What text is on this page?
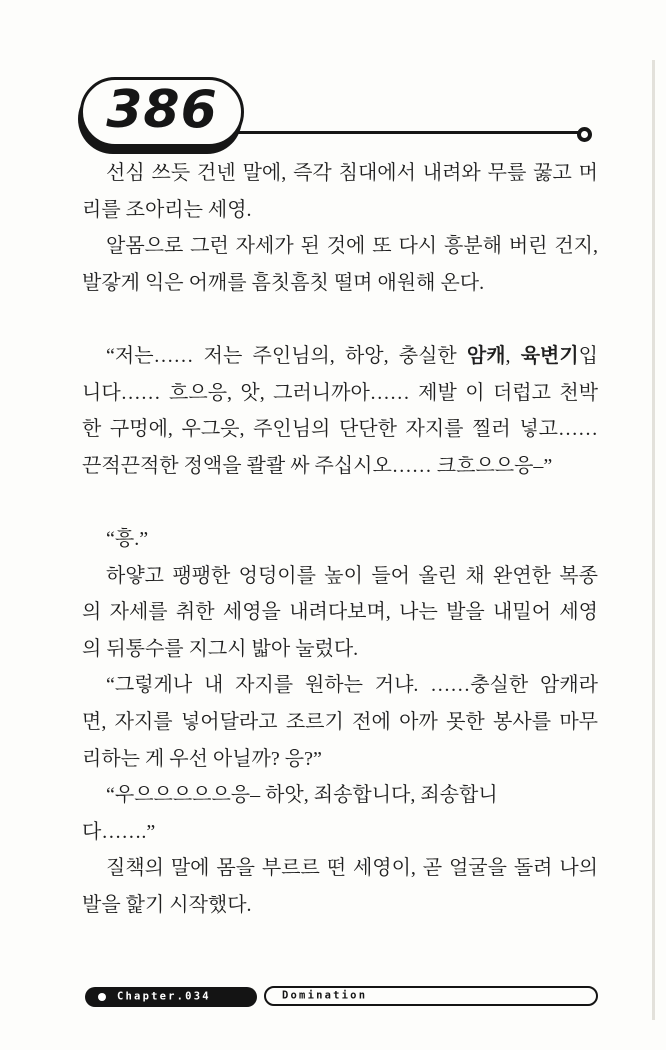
386
선심 쓰듯 건넨 말에, 즉각 침대에서 내려와 무릎 꿇고 머
리를 조아리는 세영.
알몸으로 그런 자세가 된 것에 또 다시 흥분해 버린 건지,
발갛게 익은 어깨를 흠칫흠칫 떨며 애원해 온다.
“저는…… 저는 주인님의, 하앙, 충실한 암캐, 육변기입
니다…… 흐으응, 앗, 그러니까아…… 제발 이 더럽고 천박
한 구멍에, 우그읏, 주인님의 단단한 자지를 찔러 넣고……
끈적끈적한 정액을 콸콸 싸 주십시오…… 크흐으으응–”
“흥.”
하얗고 팽팽한 엉덩이를 높이 들어 올린 채 완연한 복종
의 자세를 취한 세영을 내려다보며, 나는 발을 내밀어 세영
의 뒤통수를 지그시 밟아 눌렀다.
“그렇게나 내 자지를 원하는 거냐. ……충실한 암캐라
면, 자지를 넣어달라고 조르기 전에 아까 못한 봉사를 마무
리하는 게 우선 아닐까? 응?”
“우으으으으으응– 하앗, 죄송합니다, 죄송합니
다…….”
질책의 말에 몸을 부르르 떤 세영이, 곧 얼굴을 돌려 나의
발을 핥기 시작했다.
Chapter.034	Domination
